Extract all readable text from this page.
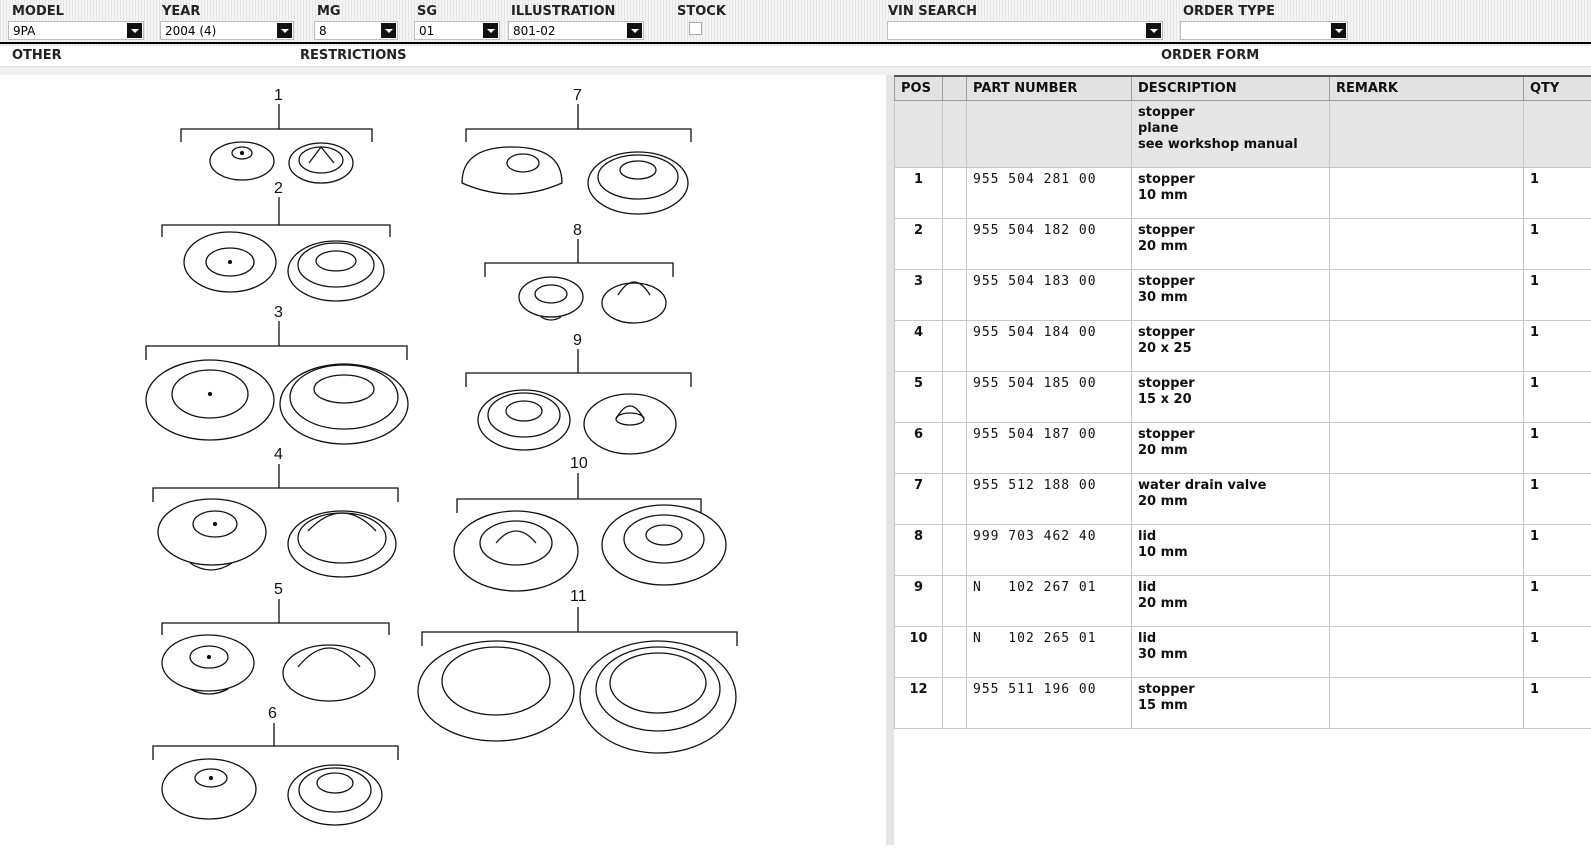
MODEL	YEAR	MG	SG	ILLUSTRATION	STOCK	VIN SEARCH	ORDER TYPE
9PA	2004 (4)	8	01	801-02
OTHER	RESTRICTIONS	ORDER FORM
1
2
3
4
5
6
7
8
9
10
11
POS		PART NUMBER	DESCRIPTION	REMARK	QTY

			stopper
plane
see workshop manual		

1		955 504 281 00	stopper
10 mm		1
2		955 504 182 00	stopper
20 mm		1
3		955 504 183 00	stopper
30 mm		1
4		955 504 184 00	stopper
20 x 25		1
5		955 504 185 00	stopper
15 x 20		1
6		955 504 187 00	stopper
20 mm		1
7		955 512 188 00	water drain valve
20 mm		1
8		999 703 462 40	lid
10 mm		1
9		N   102 267 01	lid
20 mm		1
10		N   102 265 01	lid
30 mm		1
12		955 511 196 00	stopper
15 mm		1
